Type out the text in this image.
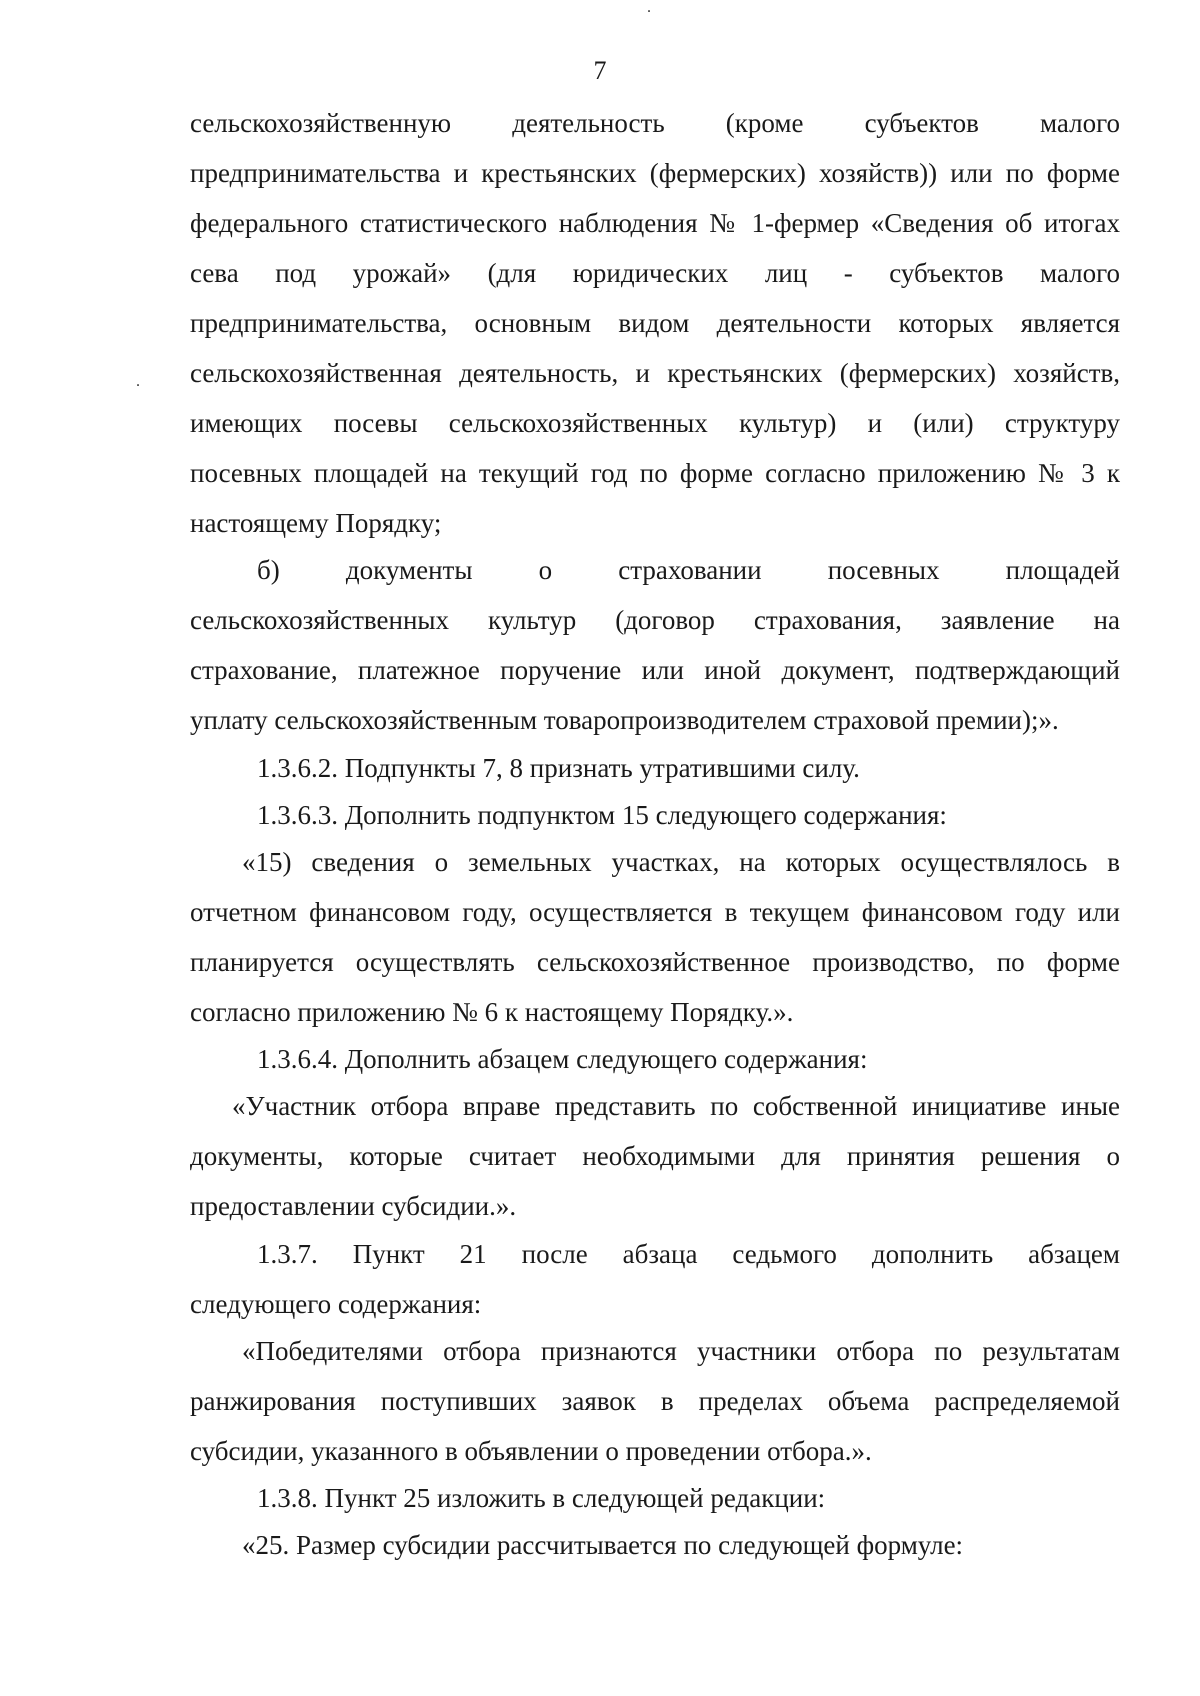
7
˙
˙
сельскохозяйственную деятельность (кроме субъектов малого
предпринимательства и крестьянских (фермерских) хозяйств)) или по форме
федерального статистического наблюдения № 1-фермер «Сведения об итогах
сева под урожай» (для юридических лиц - субъектов малого
предпринимательства, основным видом деятельности которых является
сельскохозяйственная деятельность, и крестьянских (фермерских) хозяйств,
имеющих посевы сельскохозяйственных культур) и (или) структуру
посевных площадей на текущий год по форме согласно приложению № 3 к
настоящему Порядку;
б) документы о страховании посевных площадей
сельскохозяйственных культур (договор страхования, заявление на
страхование, платежное поручение или иной документ, подтверждающий
уплату сельскохозяйственным товаропроизводителем страховой премии);».
1.3.6.2. Подпункты 7, 8 признать утратившими силу.
1.3.6.3. Дополнить подпунктом 15 следующего содержания:
«15) сведения о земельных участках, на которых осуществлялось в
отчетном финансовом году, осуществляется в текущем финансовом году или
планируется осуществлять сельскохозяйственное производство, по форме
согласно приложению № 6 к настоящему Порядку.».
1.3.6.4. Дополнить абзацем следующего содержания:
«Участник отбора вправе представить по собственной инициативе иные
документы, которые считает необходимыми для принятия решения о
предоставлении субсидии.».
1.3.7. Пункт 21 после абзаца седьмого дополнить абзацем
следующего содержания:
«Победителями отбора признаются участники отбора по результатам
ранжирования поступивших заявок в пределах объема распределяемой
субсидии, указанного в объявлении о проведении отбора.».
1.3.8. Пункт 25 изложить в следующей редакции:
«25. Размер субсидии рассчитывается по следующей формуле:
